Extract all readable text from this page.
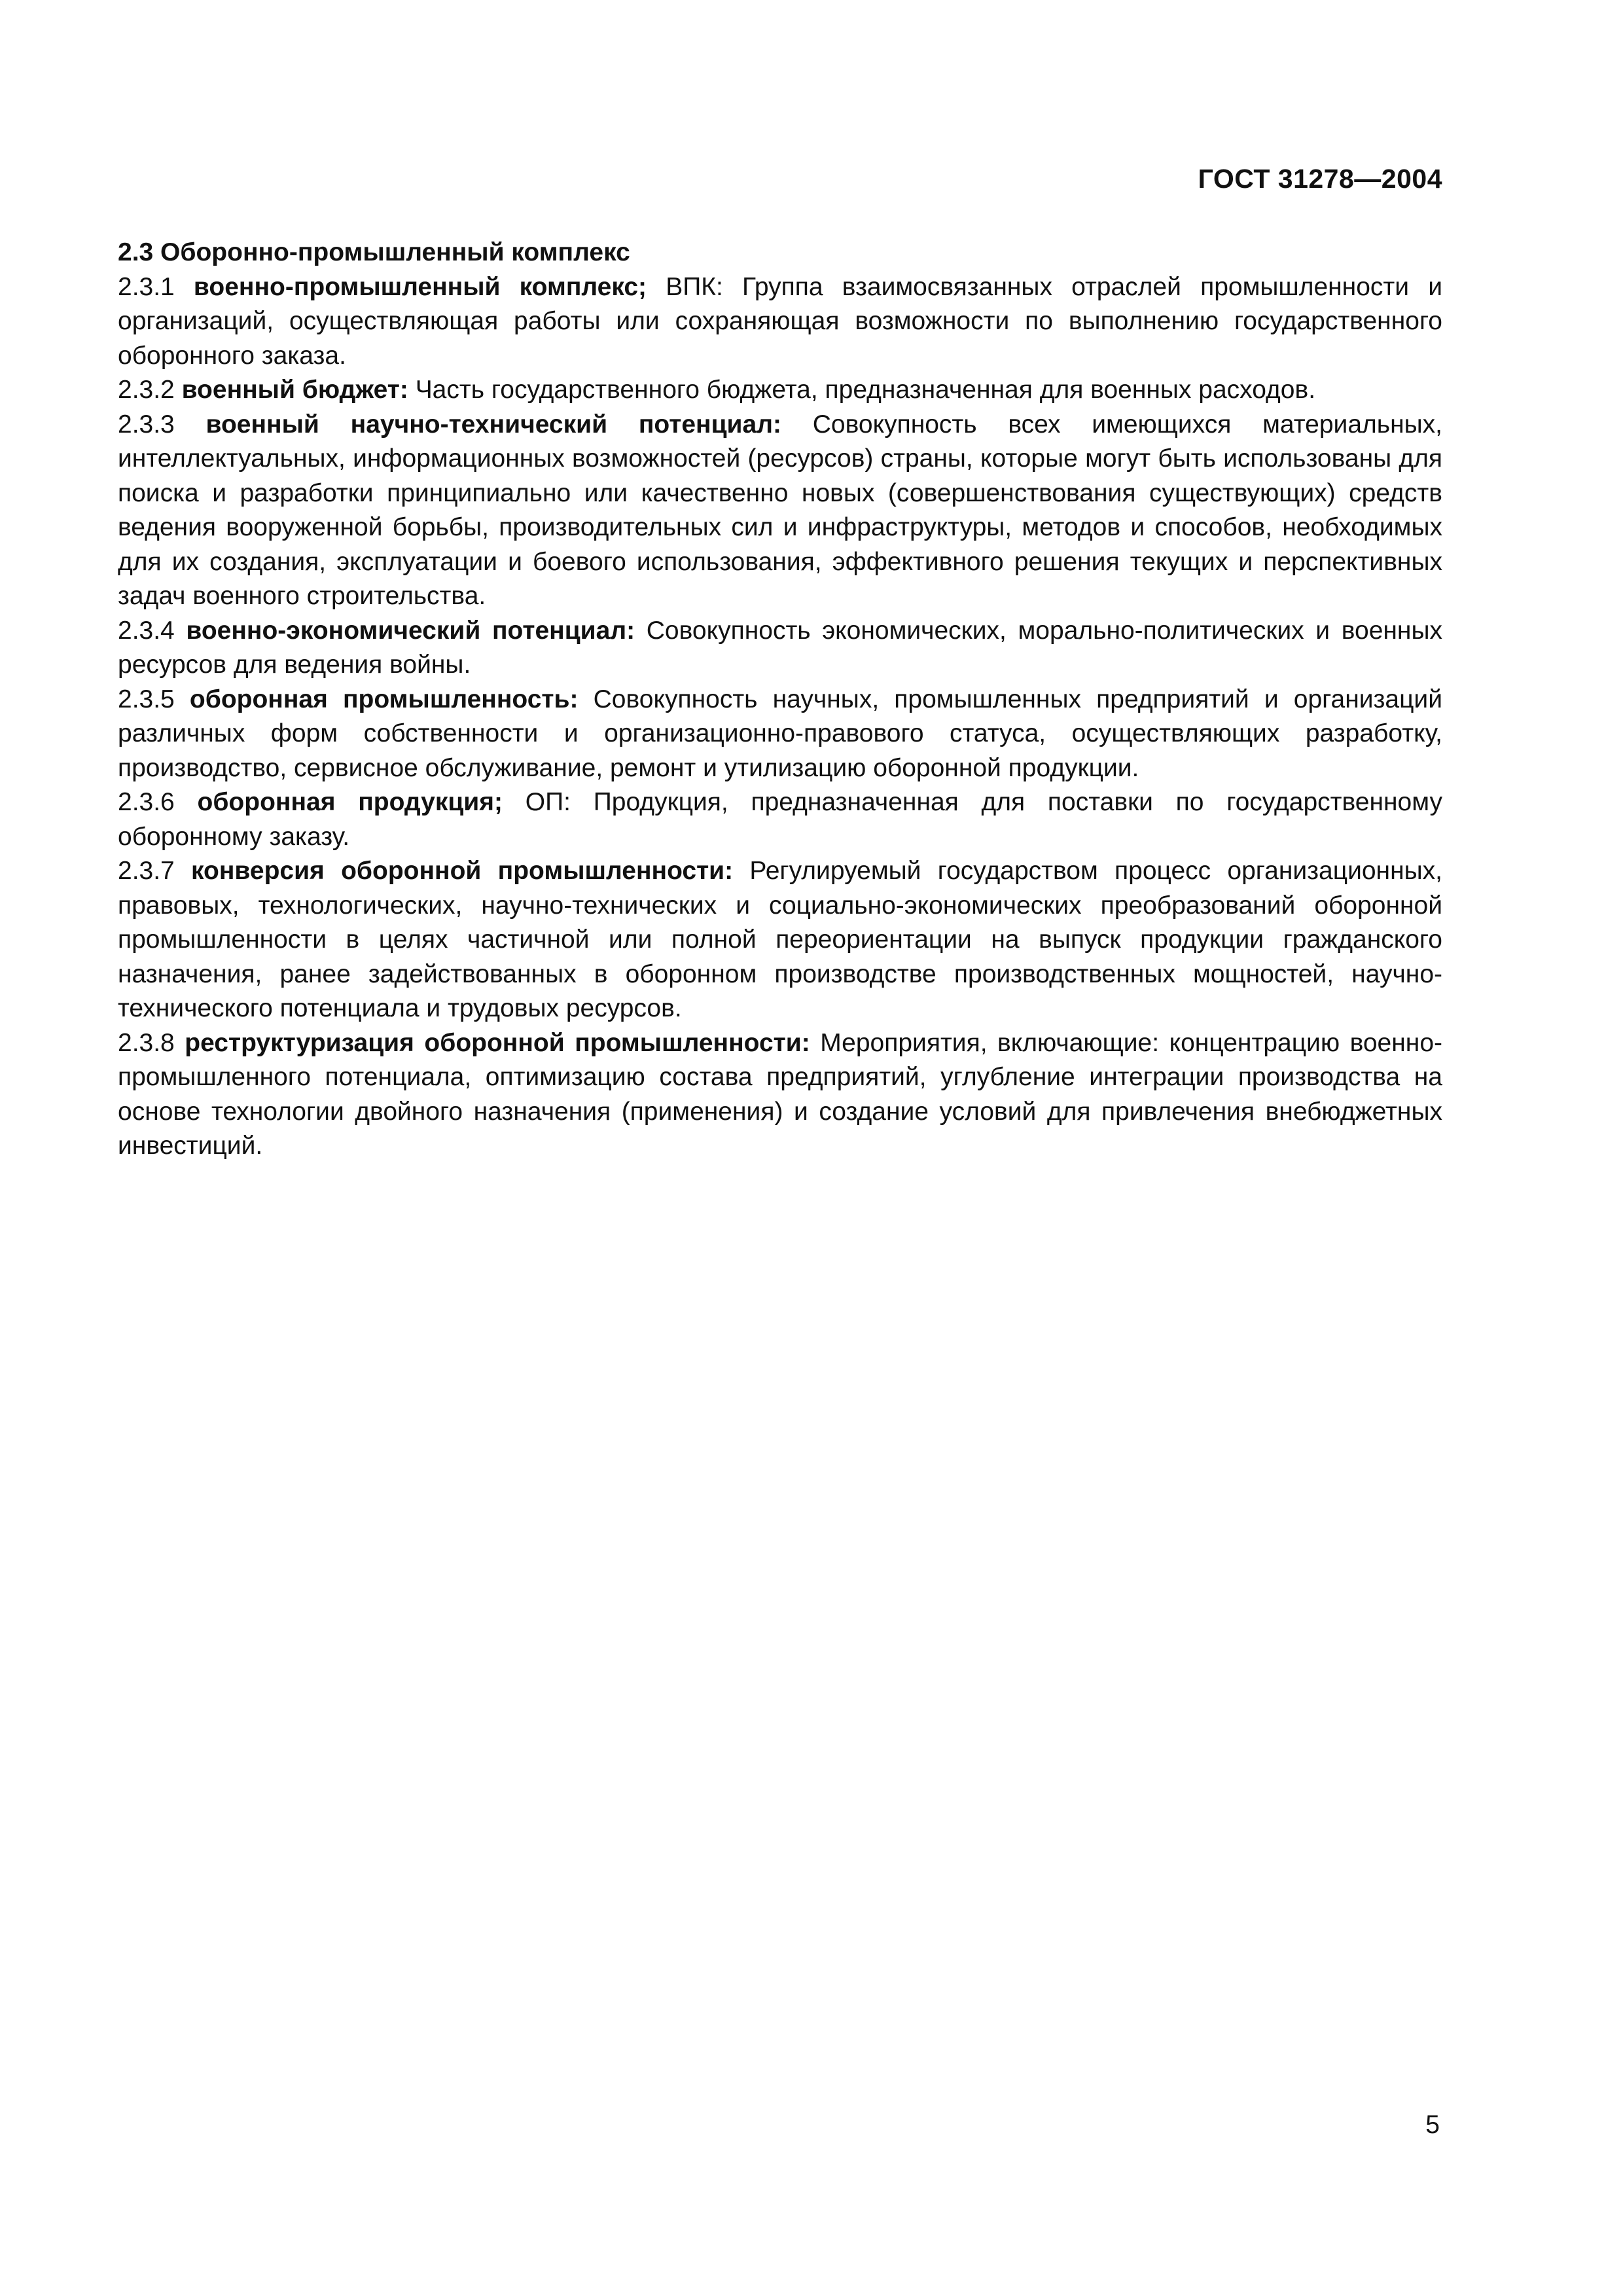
ГОСТ 31278—2004

2.3 Оборонно-промышленный комплекс

2.3.1 военно-промышленный комплекс; ВПК: Группа взаимосвязанных отраслей промышленности и организаций, осуществляющая работы или сохраняющая возможности по выполнению государственного оборонного заказа.

2.3.2 военный бюджет: Часть государственного бюджета, предназначенная для военных расходов.

2.3.3 военный научно-технический потенциал: Совокупность всех имеющихся материальных, интеллектуальных, информационных возможностей (ресурсов) страны, которые могут быть использованы для поиска и разработки принципиально или качественно новых (совершенствования существующих) средств ведения вооруженной борьбы, производительных сил и инфраструктуры, методов и способов, необходимых для их создания, эксплуатации и боевого использования, эффективного решения текущих и перспективных задач военного строительства.

2.3.4 военно-экономический потенциал: Совокупность экономических, морально-политических и военных ресурсов для ведения войны.

2.3.5 оборонная промышленность: Совокупность научных, промышленных предприятий и организаций различных форм собственности и организационно-правового статуса, осуществляющих разработку, производство, сервисное обслуживание, ремонт и утилизацию оборонной продукции.

2.3.6 оборонная продукция; ОП: Продукция, предназначенная для поставки по государственному оборонному заказу.

2.3.7 конверсия оборонной промышленности: Регулируемый государством процесс организационных, правовых, технологических, научно-технических и социально-экономических преобразований оборонной промышленности в целях частичной или полной переориентации на выпуск продукции гражданского назначения, ранее задействованных в оборонном производстве производственных мощностей, научно-технического потенциала и трудовых ресурсов.

2.3.8 реструктуризация оборонной промышленности: Мероприятия, включающие: концентрацию военно-промышленного потенциала, оптимизацию состава предприятий, углубление интеграции производства на основе технологии двойного назначения (применения) и создание условий для привлечения внебюджетных инвестиций.

5
